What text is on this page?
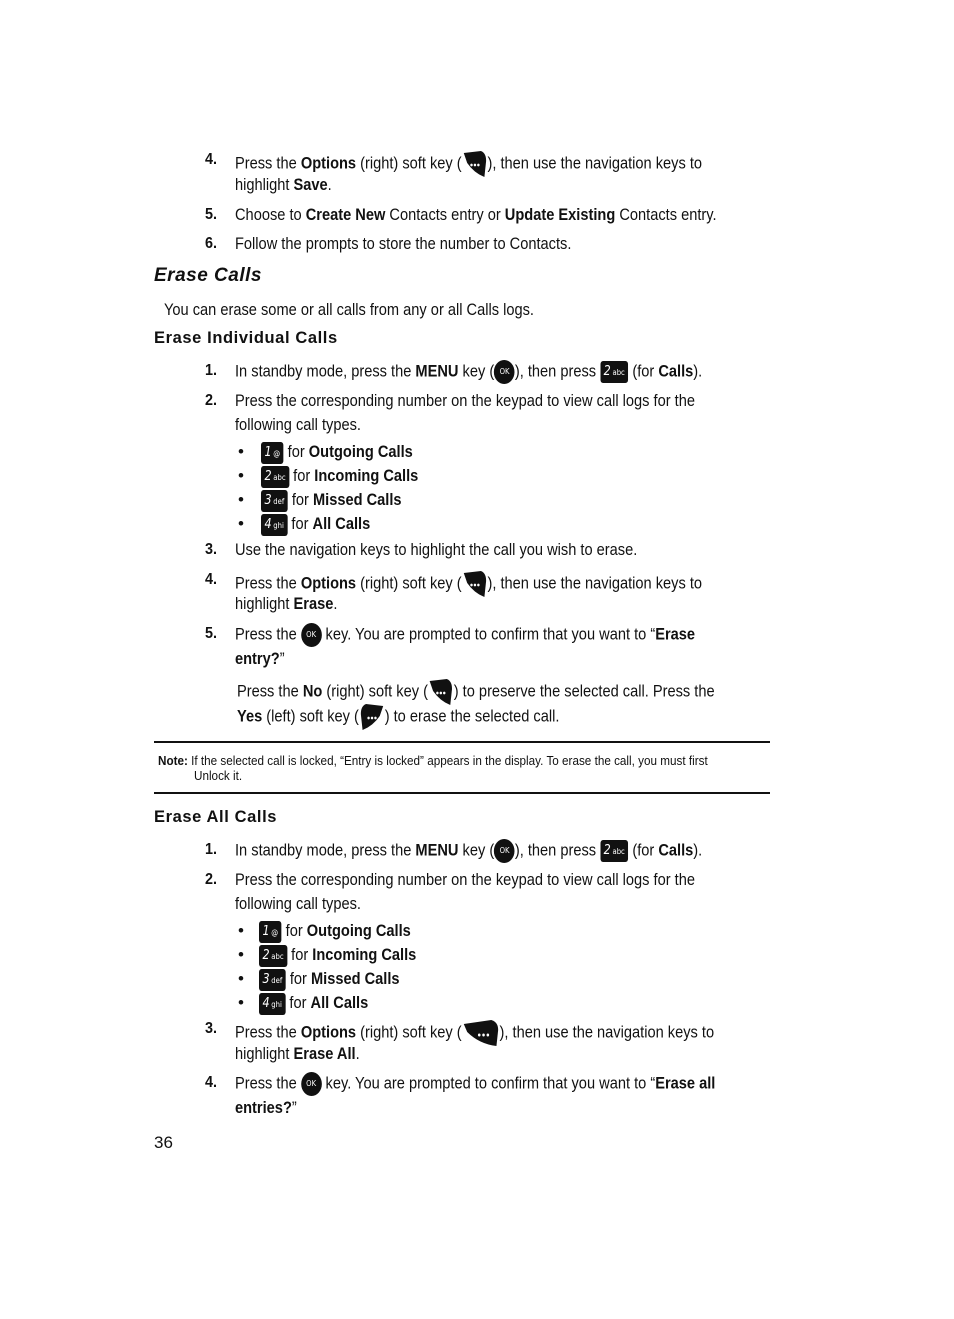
4. Press the Options (right) soft key ( ), then use the navigation keys to
highlight Save.
5. Choose to Create New Contacts entry or Update Existing Contacts entry.
6. Follow the prompts to store the number to Contacts.
Erase Calls
You can erase some or all calls from any or all Calls logs.
Erase Individual Calls
1. In standby mode, press the MENU key ( OK ), then press 2 abc (for Calls).
2. Press the corresponding number on the keypad to view call logs for the
following call types.
• 1 @ for Outgoing Calls
• 2 abc for Incoming Calls
• 3 def for Missed Calls
• 4 ghi for All Calls
3. Use the navigation keys to highlight the call you wish to erase.
4. Press the Options (right) soft key ( ), then use the navigation keys to
highlight Erase.
5. Press the OK key. You are prompted to confirm that you want to “Erase
entry?”
Press the No (right) soft key ( ) to preserve the selected call. Press the
Yes (left) soft key ( ) to erase the selected call.
Note: If the selected call is locked, “Entry is locked” appears in the display. To erase the call, you must first
Unlock it.
Erase All Calls
1. In standby mode, press the MENU key ( OK ), then press 2 abc (for Calls).
2. Press the corresponding number on the keypad to view call logs for the
following call types.
• 1 @ for Outgoing Calls
• 2 abc for Incoming Calls
• 3 def for Missed Calls
• 4 ghi for All Calls
3. Press the Options (right) soft key ( ), then use the navigation keys to
highlight Erase All.
4. Press the OK key. You are prompted to confirm that you want to “Erase all
entries?”
36
